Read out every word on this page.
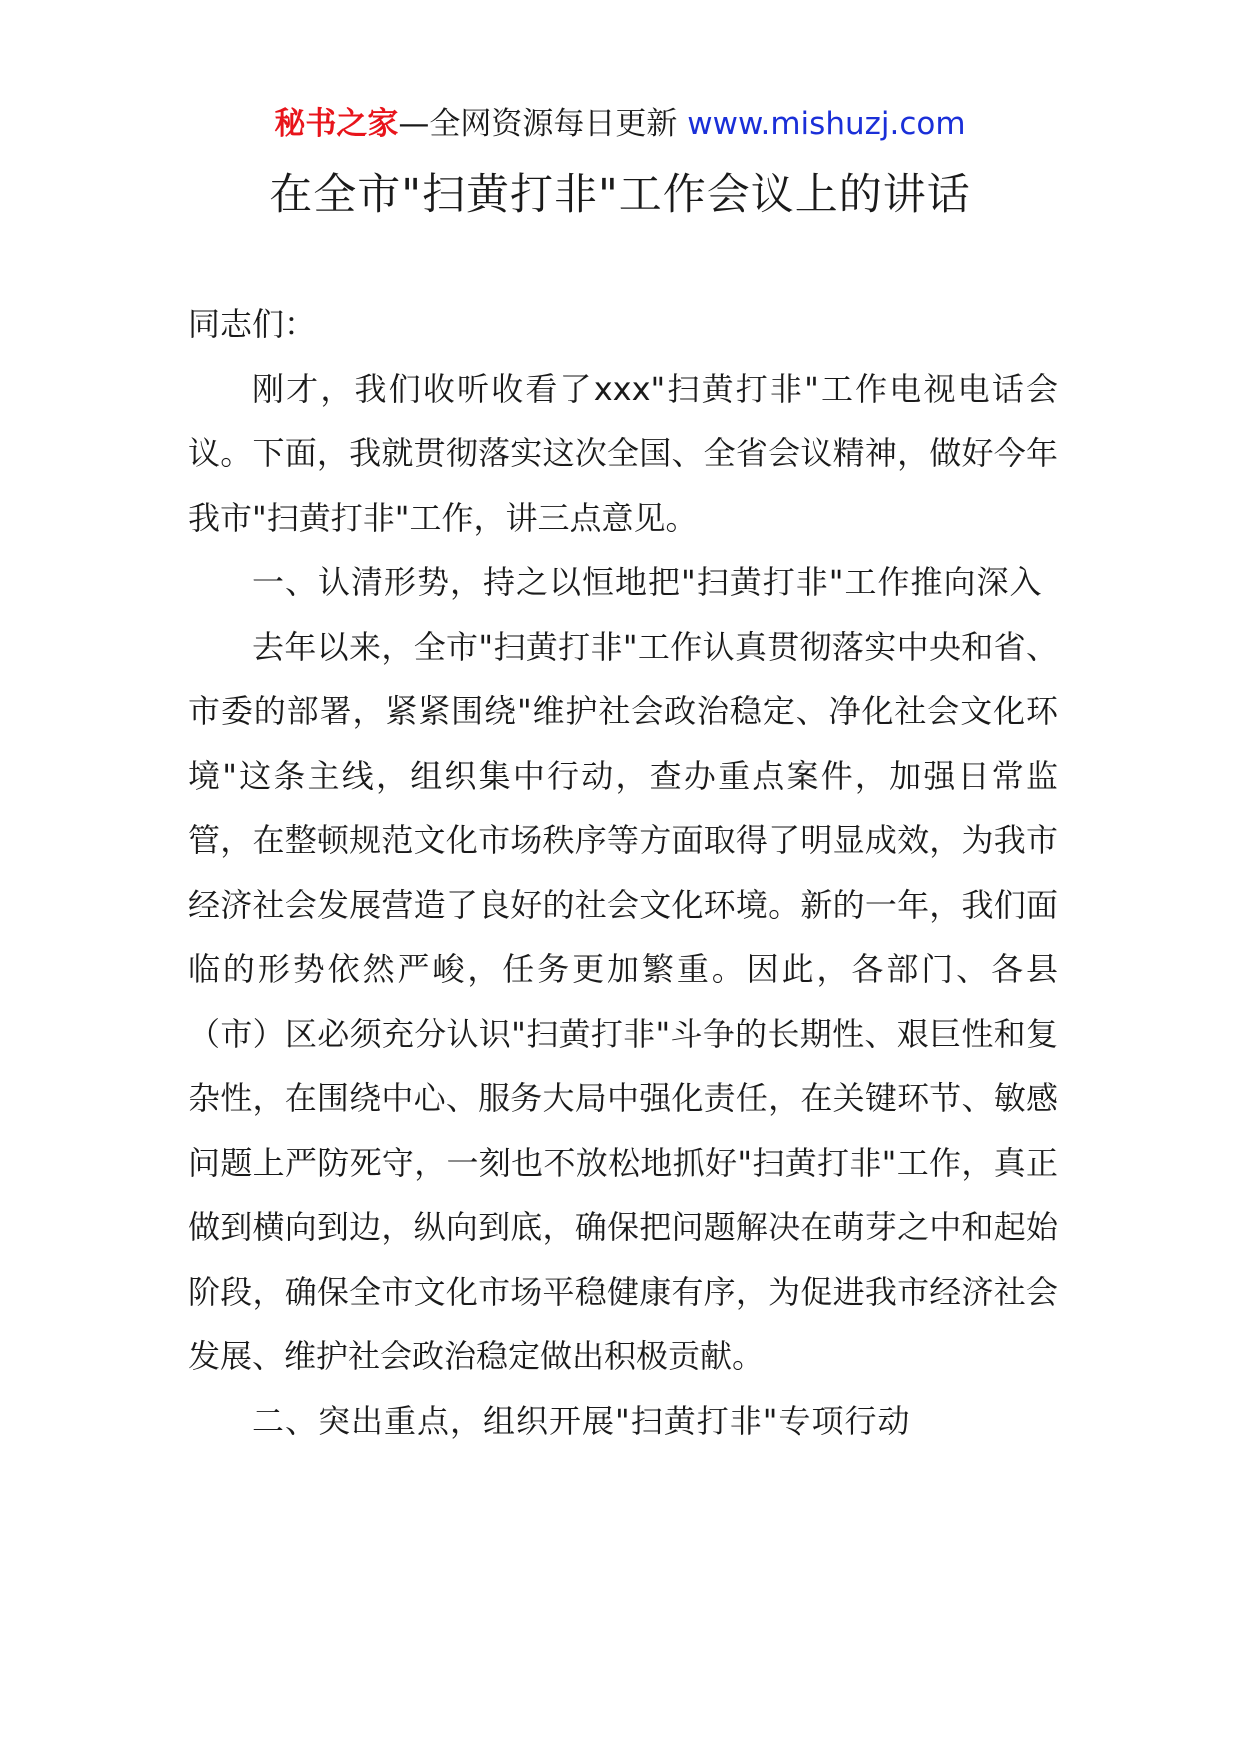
秘书之家—全网资源每日更新 www.mishuzj.com
在全市"扫黄打非"工作会议上的讲话

同志们：

刚才，我们收听收看了xxx"扫黄打非"工作电视电话会议。下面，我就贯彻落实这次全国、全省会议精神，做好今年我市"扫黄打非"工作，讲三点意见。

一、认清形势，持之以恒地把"扫黄打非"工作推向深入

去年以来，全市"扫黄打非"工作认真贯彻落实中央和省、市委的部署，紧紧围绕"维护社会政治稳定、净化社会文化环境"这条主线，组织集中行动，查办重点案件，加强日常监管，在整顿规范文化市场秩序等方面取得了明显成效，为我市经济社会发展营造了良好的社会文化环境。新的一年，我们面临的形势依然严峻，任务更加繁重。因此，各部门、各县（市）区必须充分认识"扫黄打非"斗争的长期性、艰巨性和复杂性，在围绕中心、服务大局中强化责任，在关键环节、敏感问题上严防死守，一刻也不放松地抓好"扫黄打非"工作，真正做到横向到边，纵向到底，确保把问题解决在萌芽之中和起始阶段，确保全市文化市场平稳健康有序，为促进我市经济社会发展、维护社会政治稳定做出积极贡献。

二、突出重点，组织开展"扫黄打非"专项行动
